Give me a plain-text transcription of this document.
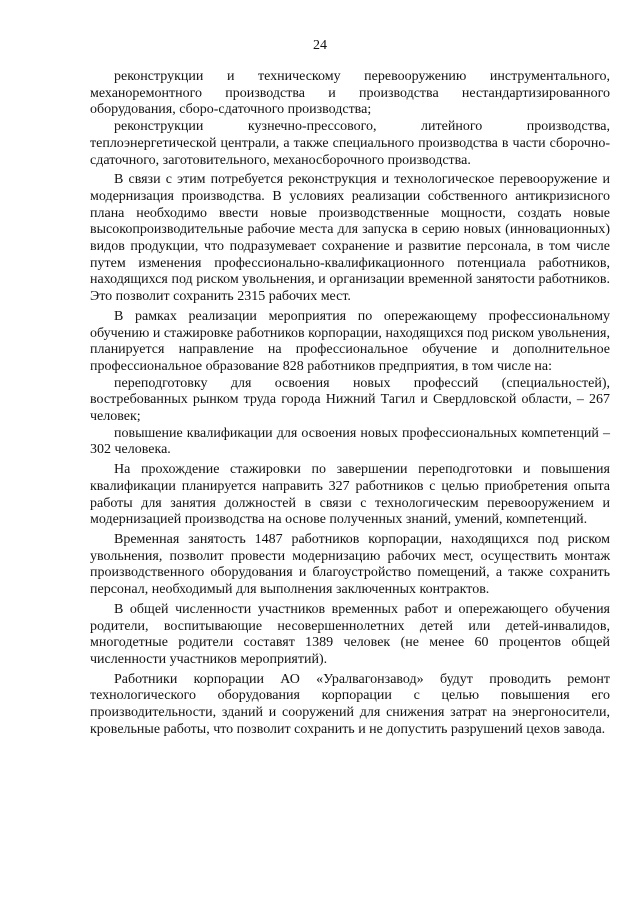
24

реконструкции и техническому перевооружению инструментального, механоремонтного производства и производства нестандартизированного оборудования, сборо-сдаточного производства;

реконструкции кузнечно-прессового, литейного производства, теплоэнергетической централи, а также специального производства в части сборочно-сдаточного, заготовительного, механосборочного производства.

В связи с этим потребуется реконструкция и технологическое перевооружение и модернизация производства. В условиях реализации собственного антикризисного плана необходимо ввести новые производственные мощности, создать новые высокопроизводительные рабочие места для запуска в серию новых (инновационных) видов продукции, что подразумевает сохранение и развитие персонала, в том числе путем изменения профессионально-квалификационного потенциала работников, находящихся под риском увольнения, и организации временной занятости работников. Это позволит сохранить 2315 рабочих мест.

В рамках реализации мероприятия по опережающему профессиональному обучению и стажировке работников корпорации, находящихся под риском увольнения, планируется направление на профессиональное обучение и дополнительное профессиональное образование 828 работников предприятия, в том числе на:

переподготовку для освоения новых профессий (специальностей), востребованных рынком труда города Нижний Тагил и Свердловской области, – 267 человек;

повышение квалификации для освоения новых профессиональных компетенций – 302 человека.

На прохождение стажировки по завершении переподготовки и повышения квалификации планируется направить 327 работников с целью приобретения опыта работы для занятия должностей в связи с технологическим перевооружением и модернизацией производства на основе полученных знаний, умений, компетенций.

Временная занятость 1487 работников корпорации, находящихся под риском увольнения, позволит провести модернизацию рабочих мест, осуществить монтаж производственного оборудования и благоустройство помещений, а также сохранить персонал, необходимый для выполнения заключенных контрактов.

В общей численности участников временных работ и опережающего обучения родители, воспитывающие несовершеннолетних детей или детей-инвалидов, многодетные родители составят 1389 человек (не менее 60 процентов общей численности участников мероприятий).

Работники корпорации АО «Уралвагонзавод» будут проводить ремонт технологического оборудования корпорации с целью повышения его производительности, зданий и сооружений для снижения затрат на энергоносители, кровельные работы, что позволит сохранить и не допустить разрушений цехов завода.
